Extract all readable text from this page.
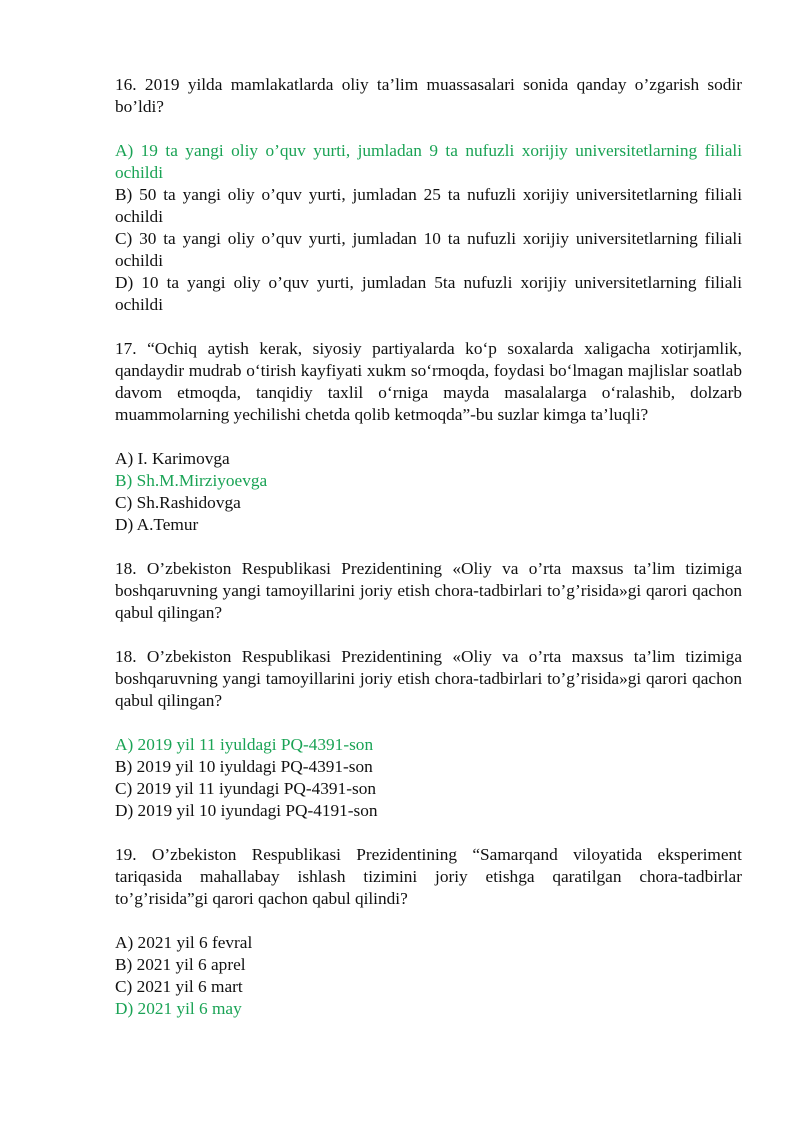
16. 2019 yilda mamlakatlarda oliy ta’lim muassasalari sonida qanday o’zgarish sodir bo’ldi?

A) 19 ta yangi oliy o’quv yurti, jumladan 9 ta nufuzli xorijiy universitetlarning filiali ochildi
B) 50 ta yangi oliy o’quv yurti, jumladan 25 ta nufuzli xorijiy universitetlarning filiali ochildi
C) 30 ta yangi oliy o’quv yurti, jumladan 10 ta nufuzli xorijiy universitetlarning filiali ochildi
D) 10 ta yangi oliy o’quv yurti, jumladan 5ta nufuzli xorijiy universitetlarning filiali ochildi

17. “Ochiq aytish kerak, siyosiy partiyalarda ko‘p soxalarda xaligacha xotirjamlik, qandaydir mudrab o‘tirish kayfiyati xukm so‘rmoqda, foydasi bo‘lmagan majlislar soatlab davom etmoqda, tanqidiy taxlil o‘rniga mayda masalalarga o‘ralashib, dolzarb muammolarning yechilishi chetda qolib ketmoqda”-bu suzlar kimga ta’luqli?

A) I. Karimovga
B) Sh.M.Mirziyoevga
C) Sh.Rashidovga
D) A.Temur

18. O’zbekiston Respublikasi Prezidentining «Oliy va o’rta maxsus ta’lim tizimiga boshqaruvning yangi tamoyillarini joriy etish chora-tadbirlari to’g’risida»gi qarori qachon qabul qilingan?

18. O’zbekiston Respublikasi Prezidentining «Oliy va o’rta maxsus ta’lim tizimiga boshqaruvning yangi tamoyillarini joriy etish chora-tadbirlari to’g’risida»gi qarori qachon qabul qilingan?

A) 2019 yil 11 iyuldagi PQ-4391-son
B) 2019 yil 10 iyuldagi PQ-4391-son
C) 2019 yil 11 iyundagi PQ-4391-son
D) 2019 yil 10 iyundagi PQ-4191-son

19. O’zbekiston Respublikasi Prezidentining “Samarqand viloyatida eksperiment tariqasida mahallabay ishlash tizimini joriy etishga qaratilgan chora-tadbirlar to’g’risida”gi qarori qachon qabul qilindi?

A) 2021 yil 6 fevral
B) 2021 yil 6 aprel
C) 2021 yil 6 mart
D) 2021 yil 6 may
